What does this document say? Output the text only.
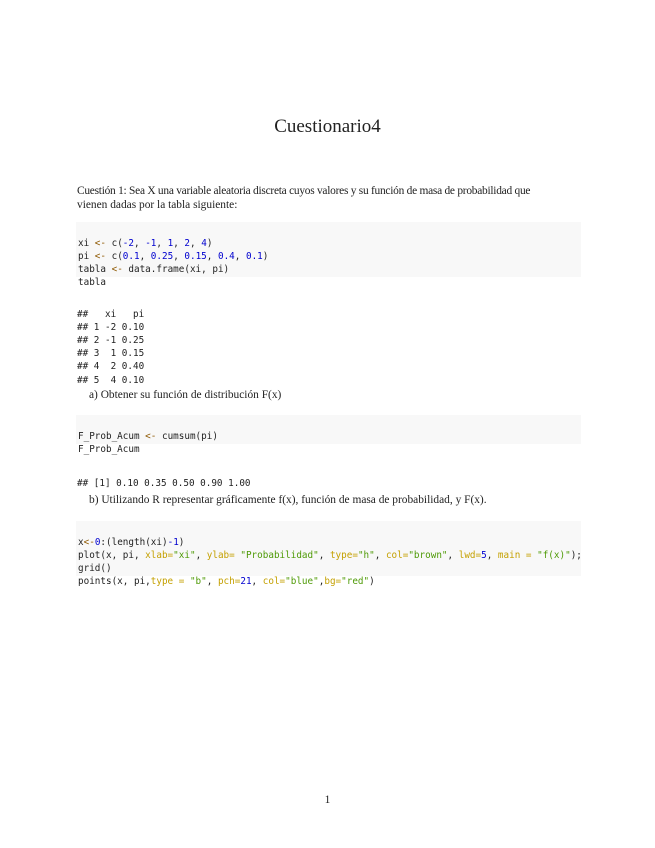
Cuestionario4
Cuestión 1: Sea X una variable aleatoria discreta cuyos valores y su función de masa de probabilidad que
vienen dadas por la tabla siguiente:

xi <- c(-2, -1, 1, 2, 4)
pi <- c(0.1, 0.25, 0.15, 0.4, 0.1)
tabla <- data.frame(xi, pi)
tabla

##   xi   pi
## 1 -2 0.10
## 2 -1 0.25
## 3  1 0.15
## 4  2 0.40
## 5  4 0.10
a) Obtener su función de distribución F(x)

F_Prob_Acum <- cumsum(pi)
F_Prob_Acum

## [1] 0.10 0.35 0.50 0.90 1.00
b) Utilizando R representar gráficamente f(x), función de masa de probabilidad, y F(x).

x<-0:(length(xi)-1)
plot(x, pi, xlab="xi", ylab= "Probabilidad", type="h", col="brown", lwd=5, main = "f(x)");
grid()
points(x, pi,type = "b", pch=21, col="blue",bg="red")
1
